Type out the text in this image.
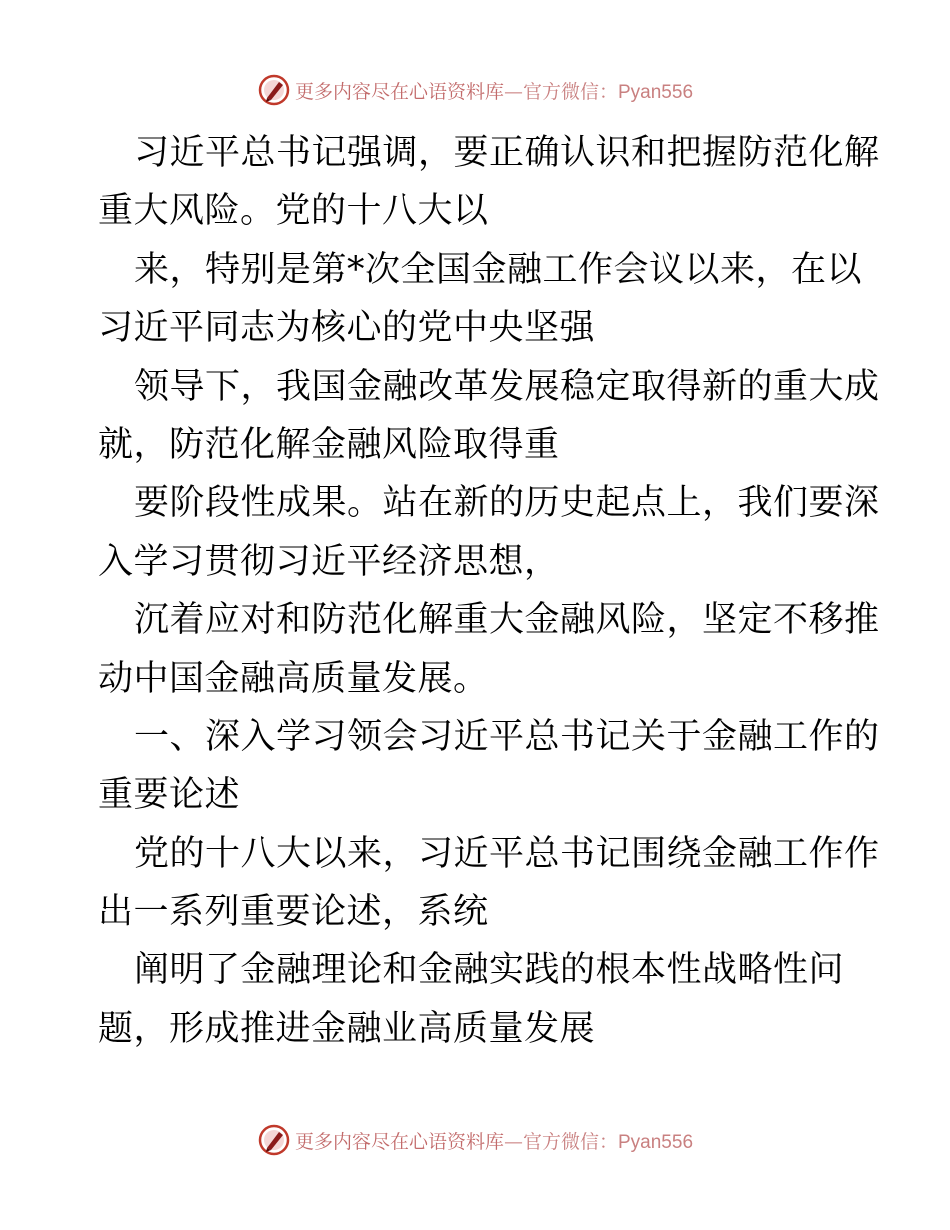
更多内容尽在心语资料库—官方微信：Pyan556
习近平总书记强调，要正确认识和把握防范化解
重大风险。党的十八大以
来，特别是第*次全国金融工作会议以来，在以
习近平同志为核心的党中央坚强
领导下，我国金融改革发展稳定取得新的重大成
就，防范化解金融风险取得重
要阶段性成果。站在新的历史起点上，我们要深
入学习贯彻习近平经济思想，
沉着应对和防范化解重大金融风险，坚定不移推
动中国金融高质量发展。
一、深入学习领会习近平总书记关于金融工作的
重要论述
党的十八大以来，习近平总书记围绕金融工作作
出一系列重要论述，系统
阐明了金融理论和金融实践的根本性战略性问
题，形成推进金融业高质量发展
更多内容尽在心语资料库—官方微信：Pyan556
